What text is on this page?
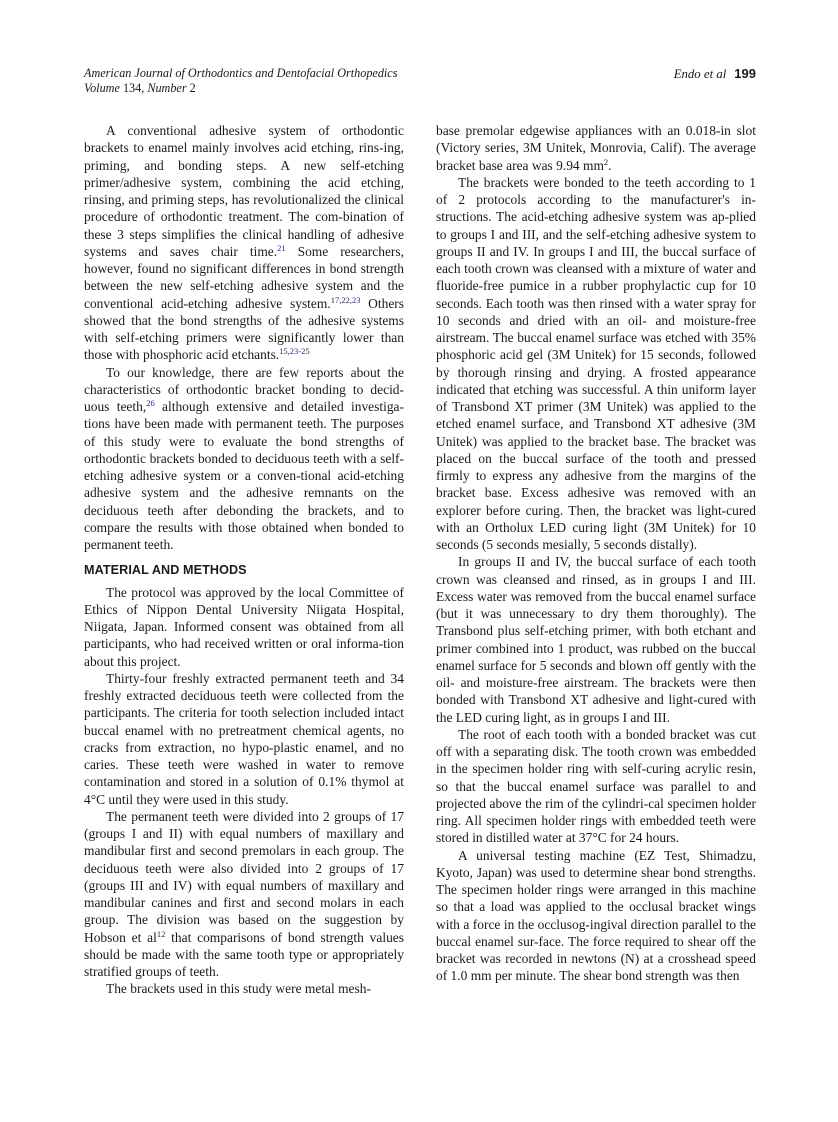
American Journal of Orthodontics and Dentofacial Orthopedics
Volume 134, Number 2
Endo et al 199

A conventional adhesive system of orthodontic brackets to enamel mainly involves acid etching, rins-ing, priming, and bonding steps. A new self-etching primer/adhesive system, combining the acid etching, rinsing, and priming steps, has revolutionalized the clinical procedure of orthodontic treatment. The com-bination of these 3 steps simplifies the clinical handling of adhesive systems and saves chair time.$^{21}$ Some researchers, however, found no significant differences in bond strength between the new self-etching adhesive system and the conventional acid-etching adhesive system.$^{17,22,23}$ Others showed that the bond strengths of the adhesive systems with self-etching primers were significantly lower than those with phosphoric acid etchants.$^{15,23-25}$

To our knowledge, there are few reports about the characteristics of orthodontic bracket bonding to decid-uous teeth,$^{26}$ although extensive and detailed investiga-tions have been made with permanent teeth. The purposes of this study were to evaluate the bond strengths of orthodontic brackets bonded to deciduous teeth with a self-etching adhesive system or a conven-tional acid-etching adhesive system and the adhesive remnants on the deciduous teeth after debonding the brackets, and to compare the results with those obtained when bonded to permanent teeth.

MATERIAL AND METHODS

The protocol was approved by the local Committee of Ethics of Nippon Dental University Niigata Hospital, Niigata, Japan. Informed consent was obtained from all participants, who had received written or oral informa-tion about this project.

Thirty-four freshly extracted permanent teeth and 34 freshly extracted deciduous teeth were collected from the participants. The criteria for tooth selection included intact buccal enamel with no pretreatment chemical agents, no cracks from extraction, no hypo-plastic enamel, and no caries. These teeth were washed in water to remove contamination and stored in a solution of 0.1% thymol at 4°C until they were used in this study.

The permanent teeth were divided into 2 groups of 17 (groups I and II) with equal numbers of maxillary and mandibular first and second premolars in each group. The deciduous teeth were also divided into 2 groups of 17 (groups III and IV) with equal numbers of maxillary and mandibular canines and first and second molars in each group. The division was based on the suggestion by Hobson et $al^{12}$ that comparisons of bond strength values should be made with the same tooth type or appropriately stratified groups of teeth.

The brackets used in this study were metal mesh-

base premolar edgewise appliances with an 0.018-in slot (Victory series, 3M Unitek, Monrovia, Calif). The average bracket base area was 9.94 $mm^2$.

The brackets were bonded to the teeth according to 1 of 2 protocols according to the manufacturer's in-structions. The acid-etching adhesive system was ap-plied to groups I and III, and the self-etching adhesive system to groups II and IV. In groups I and III, the buccal surface of each tooth crown was cleansed with a mixture of water and fluoride-free pumice in a rubber prophylactic cup for 10 seconds. Each tooth was then rinsed with a water spray for 10 seconds and dried with an oil- and moisture-free airstream. The buccal enamel surface was etched with 35% phosphoric acid gel (3M Unitek) for 15 seconds, followed by thorough rinsing and drying. A frosted appearance indicated that etching was successful. A thin uniform layer of Transbond XT primer (3M Unitek) was applied to the etched enamel surface, and Transbond XT adhesive (3M Unitek) was applied to the bracket base. The bracket was placed on the buccal surface of the tooth and pressed firmly to express any adhesive from the margins of the bracket base. Excess adhesive was removed with an explorer before curing. Then, the bracket was light-cured with an Ortholux LED curing light (3M Unitek) for 10 seconds (5 seconds mesially, 5 seconds distally).

In groups II and IV, the buccal surface of each tooth crown was cleansed and rinsed, as in groups I and III. Excess water was removed from the buccal enamel surface (but it was unnecessary to dry them thoroughly). The Transbond plus self-etching primer, with both etchant and primer combined into 1 product, was rubbed on the buccal enamel surface for 5 seconds and blown off gently with the oil- and moisture-free airstream. The brackets were then bonded with Transbond XT adhesive and light-cured with the LED curing light, as in groups I and III.

The root of each tooth with a bonded bracket was cut off with a separating disk. The tooth crown was embedded in the specimen holder ring with self-curing acrylic resin, so that the buccal enamel surface was parallel to and projected above the rim of the cylindri-cal specimen holder ring. All specimen holder rings with embedded teeth were stored in distilled water at 37°C for 24 hours.

A universal testing machine (EZ Test, Shimadzu, Kyoto, Japan) was used to determine shear bond strengths. The specimen holder rings were arranged in this machine so that a load was applied to the occlusal bracket wings with a force in the occlusog-ingival direction parallel to the buccal enamel sur-face. The force required to shear off the bracket was recorded in newtons (N) at a crosshead speed of 1.0 mm per minute. The shear bond strength was then
